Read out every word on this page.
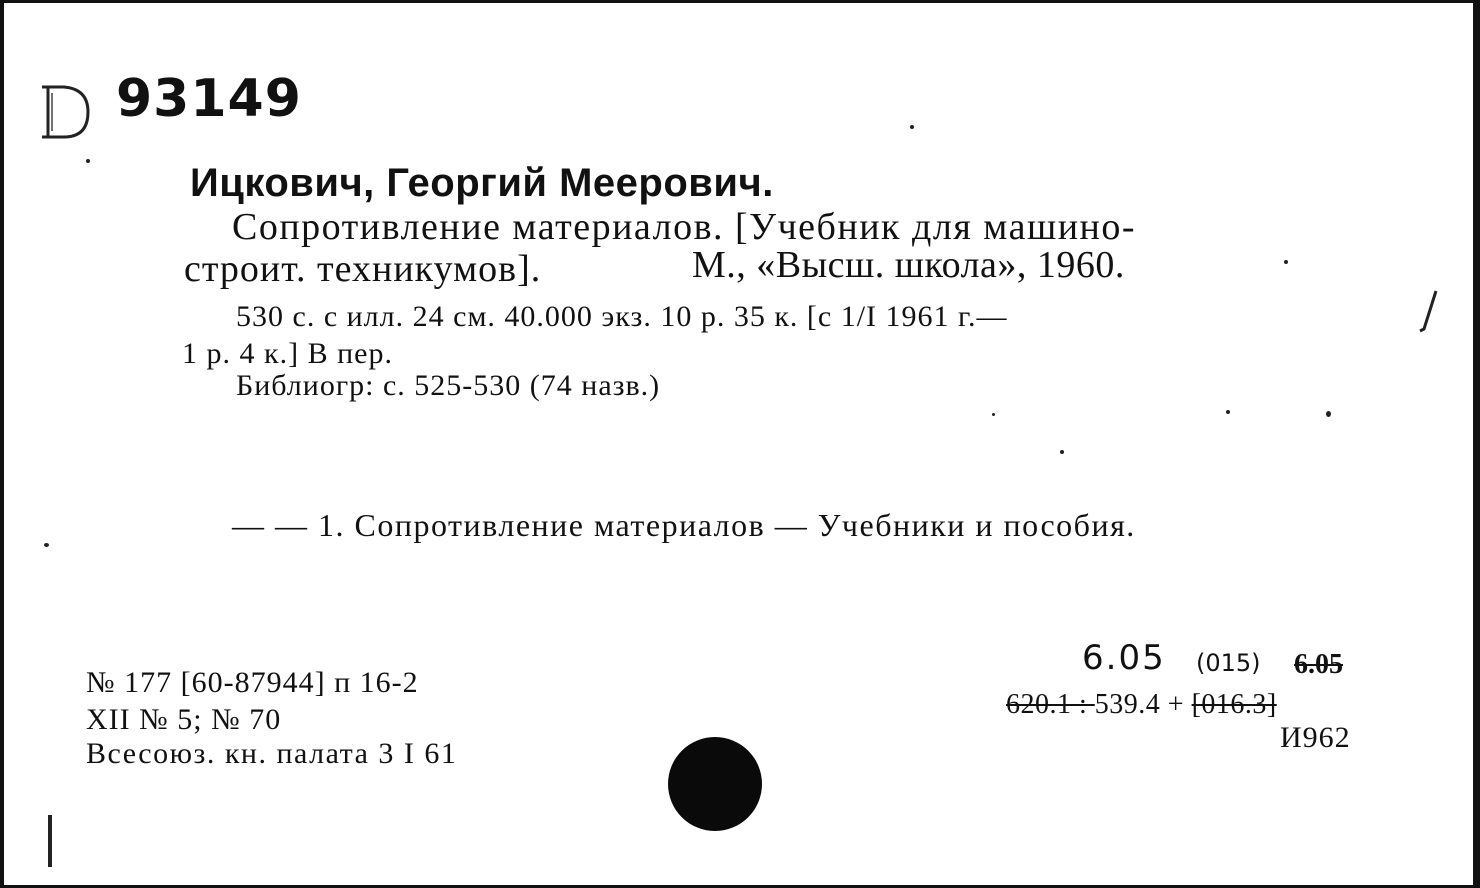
93149
Ицкович, Георгий Меерович.
Сопротивление материалов. [Учебник для машино-
строит. техникумов].	М., «Высш. школа», 1960.
530 с. с илл. 24 см. 40.000 экз. 10 р. 35 к. [с 1/I 1961 г.—
1 р. 4 к.] В пер.
Библиогр: с. 525-530 (74 назв.)
— — 1. Сопротивление материалов — Учебники и пособия.
№ 177 [60-87944] п 16-2
XII № 5; № 70
Всесоюз. кн. палата 3 I 61
6.05 (015) 6.05
620.1 : 539.4 + [016.3]
И962
